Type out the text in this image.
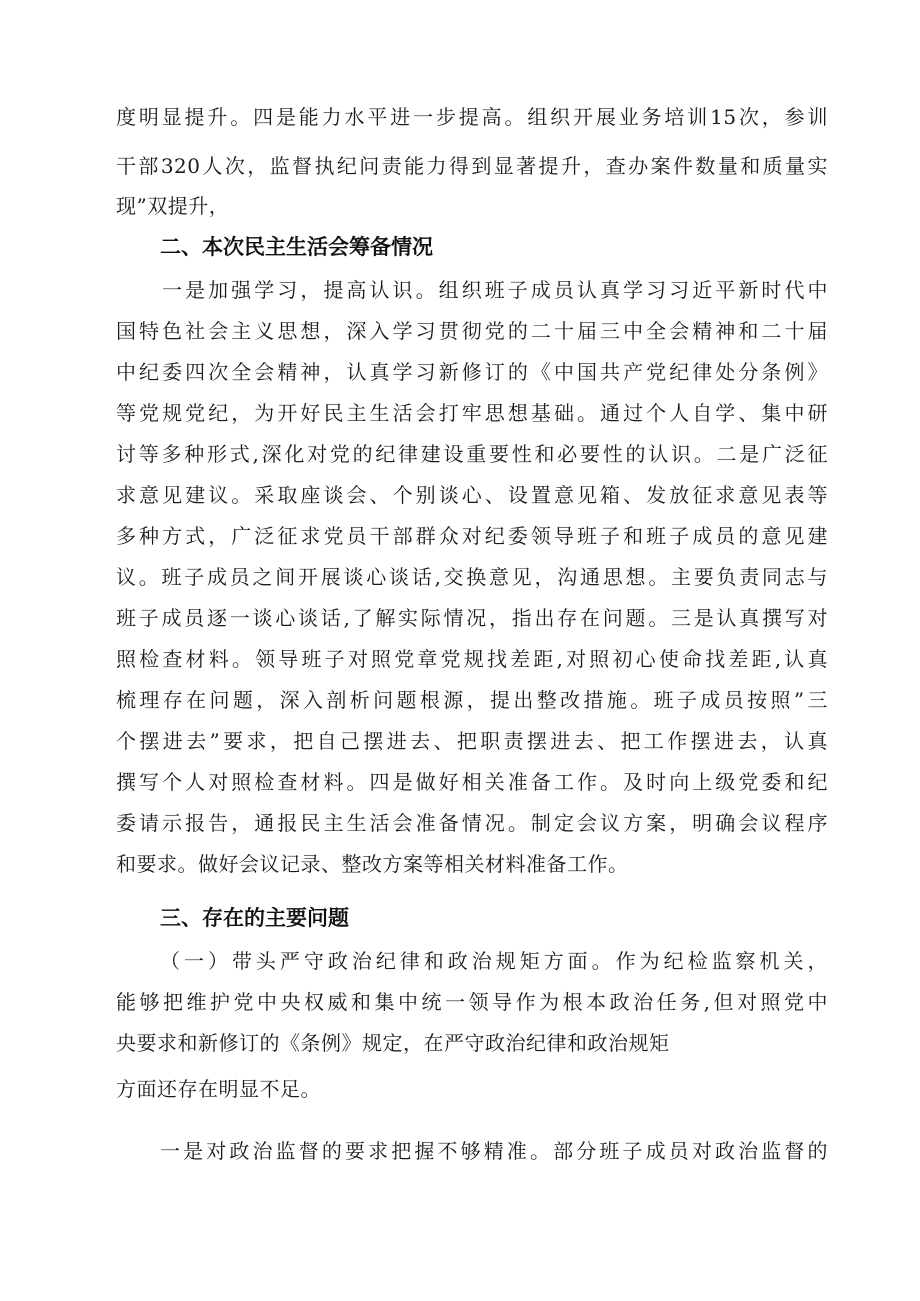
度明显提升。四是能力水平进一步提高。组织开展业务培训15次，参训
干部320人次，监督执纪问责能力得到显著提升，查办案件数量和质量实
现”双提升，
二、本次民主生活会筹备情况
一是加强学习，提高认识。组织班子成员认真学习习近平新时代中
国特色社会主义思想，深入学习贯彻党的二十届三中全会精神和二十届
中纪委四次全会精神，认真学习新修订的《中国共产党纪律处分条例》
等党规党纪，为开好民主生活会打牢思想基础。通过个人自学、集中研
讨等多种形式,深化对党的纪律建设重要性和必要性的认识。二是广泛征
求意见建议。采取座谈会、个别谈心、设置意见箱、发放征求意见表等
多种方式，广泛征求党员干部群众对纪委领导班子和班子成员的意见建
议。班子成员之间开展谈心谈话,交换意见，沟通思想。主要负责同志与
班子成员逐一谈心谈话,了解实际情况，指出存在问题。三是认真撰写对
照检查材料。领导班子对照党章党规找差距,对照初心使命找差距,认真
梳理存在问题，深入剖析问题根源，提出整改措施。班子成员按照”三
个摆进去”要求，把自己摆进去、把职责摆进去、把工作摆进去，认真
撰写个人对照检查材料。四是做好相关准备工作。及时向上级党委和纪
委请示报告，通报民主生活会准备情况。制定会议方案，明确会议程序
和要求。做好会议记录、整改方案等相关材料准备工作。
三、存在的主要问题
（一）带头严守政治纪律和政治规矩方面。作为纪检监察机关，
能够把维护党中央权威和集中统一领导作为根本政治任务,但对照党中
央要求和新修订的《条例》规定，在严守政治纪律和政治规矩
方面还存在明显不足。
一是对政治监督的要求把握不够精准。部分班子成员对政治监督的
